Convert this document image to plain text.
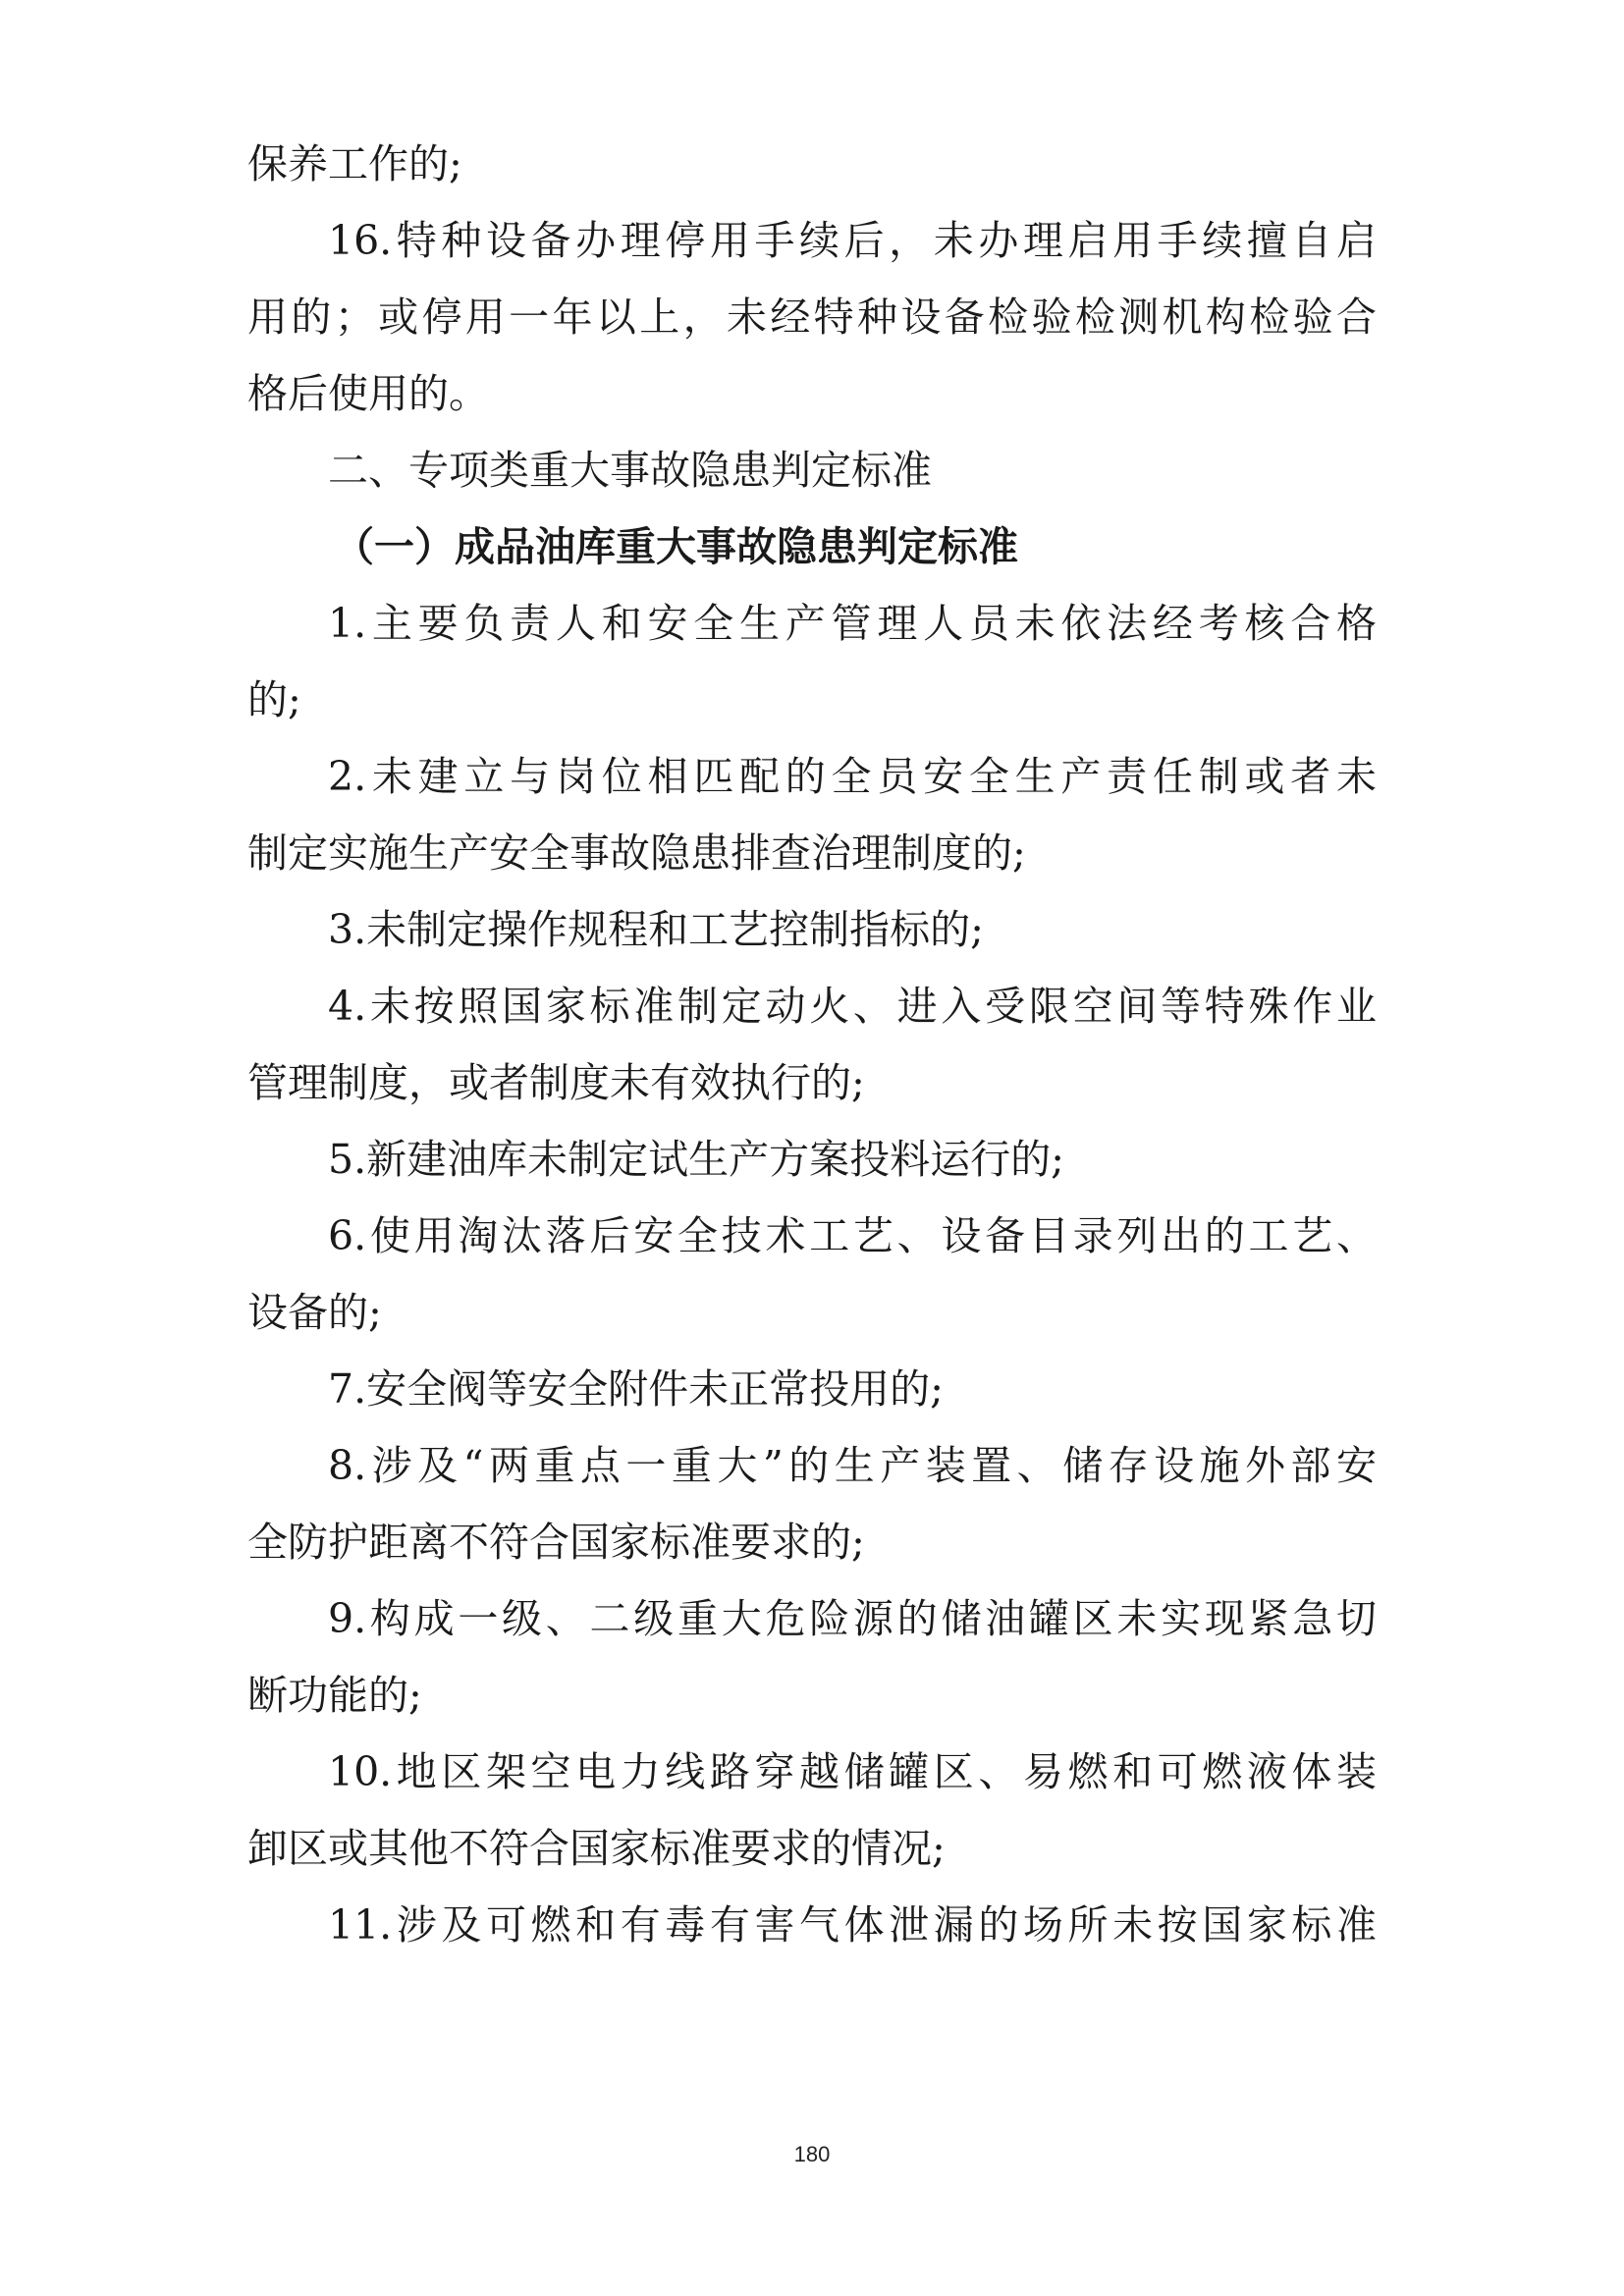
保养工作的;
16.特种设备办理停用手续后，未办理启用手续擅自启
用的；或停用一年以上，未经特种设备检验检测机构检验合
格后使用的。
二、专项类重大事故隐患判定标准
（一）成品油库重大事故隐患判定标准
1.主要负责人和安全生产管理人员未依法经考核合格
的;
2.未建立与岗位相匹配的全员安全生产责任制或者未
制定实施生产安全事故隐患排查治理制度的;
3.未制定操作规程和工艺控制指标的;
4.未按照国家标准制定动火、进入受限空间等特殊作业
管理制度，或者制度未有效执行的;
5.新建油库未制定试生产方案投料运行的;
6.使用淘汰落后安全技术工艺、设备目录列出的工艺、
设备的;
7.安全阀等安全附件未正常投用的;
8.涉及“两重点一重大”的生产装置、储存设施外部安
全防护距离不符合国家标准要求的;
9.构成一级、二级重大危险源的储油罐区未实现紧急切
断功能的;
10.地区架空电力线路穿越储罐区、易燃和可燃液体装
卸区或其他不符合国家标准要求的情况;
11.涉及可燃和有毒有害气体泄漏的场所未按国家标准
180
